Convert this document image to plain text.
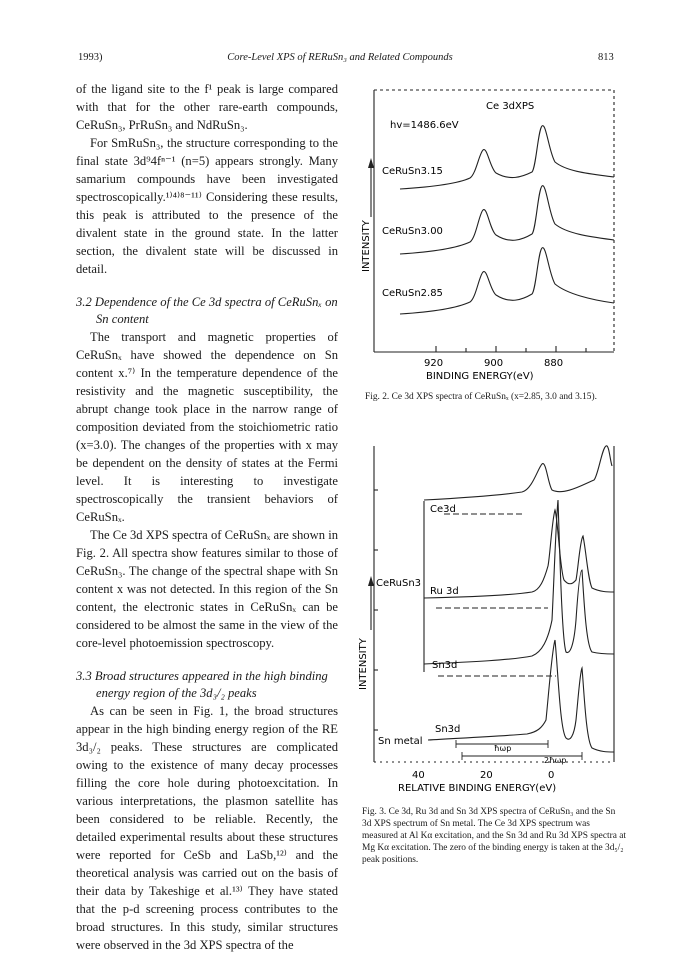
1993)	Core-Level XPS of RERuSn₃ and Related Compounds	813

of the ligand site to the f¹ peak is large compared with that for the other rare-earth compounds, CeRuSn₃, PrRuSn₃ and NdRuSn₃.

For SmRuSn₃, the structure corresponding to the final state 3d⁹4fⁿ⁻¹ (n=5) appears strongly. Many samarium compounds have been investigated spectroscopically.¹⁾⁴⁾⁸⁻¹¹⁾ Considering these results, this peak is attributed to the presence of the divalent state in the ground state. In the latter section, the divalent state will be discussed in detail.

3.2 Dependence of the Ce 3d spectra of CeRuSnₓ on Sn content

The transport and magnetic properties of CeRuSnₓ have showed the dependence on Sn content x.⁷⁾ In the temperature dependence of the resistivity and the magnetic susceptibility, the abrupt change took place in the narrow range of composition deviated from the stoichiometric ratio (x=3.0). The changes of the properties with x may be dependent on the density of states at the Fermi level. It is interesting to investigate spectroscopically the transient behaviors of CeRuSnₓ.

The Ce 3d XPS spectra of CeRuSnₓ are shown in Fig. 2. All spectra show features similar to those of CeRuSn₃. The change of the spectral shape with Sn content x was not detected. In this region of the Sn content, the electronic states in CeRuSnₓ can be considered to be almost the same in the view of the core-level photoemission spectroscopy.

3.3 Broad structures appeared in the high binding energy region of the 3d₃/₂ peaks

As can be seen in Fig. 1, the broad structures appear in the high binding energy region of the RE 3d₃/₂ peaks. These structures are complicated owing to the existence of many decay processes filling the core hole during photoexcitation. In various interpretations, the plasmon satellite has been considered to be reliable. Recently, the detailed experimental results about these structures were reported for CeSb and LaSb,¹²⁾ and the theoretical analysis was carried out on the basis of their data by Takeshige et al.¹³⁾ They have stated that the p-d screening process contributes to the broad structures. In this study, similar structures were observed in the 3d XPS spectra of the

Ce 3dXPS
hv=1486.6eV
INTENSITY
920	900	880
BINDING ENERGY(eV)
CeRuSn3.15
CeRuSn3.00
CeRuSn2.85
Fig. 2. Ce 3d XPS spectra of CeRuSnₓ (x=2.85, 3.0 and 3.15).
INTENSITY
Ce3d
Ru 3d
Sn3d
Sn3d
Sn metal
CeRuSn3
ħωp
2ħωp
40	20	0
RELATIVE BINDING ENERGY(eV)
Fig. 3. Ce 3d, Ru 3d and Sn 3d XPS spectra of CeRuSn₃ and the Sn 3d XPS spectrum of Sn metal. The Ce 3d XPS spectrum was measured at Al Kα excitation, and the Sn 3d and Ru 3d XPS spectra at Mg Kα excitation. The zero of the binding energy is taken at the 3d₅/₂ peak positions.
